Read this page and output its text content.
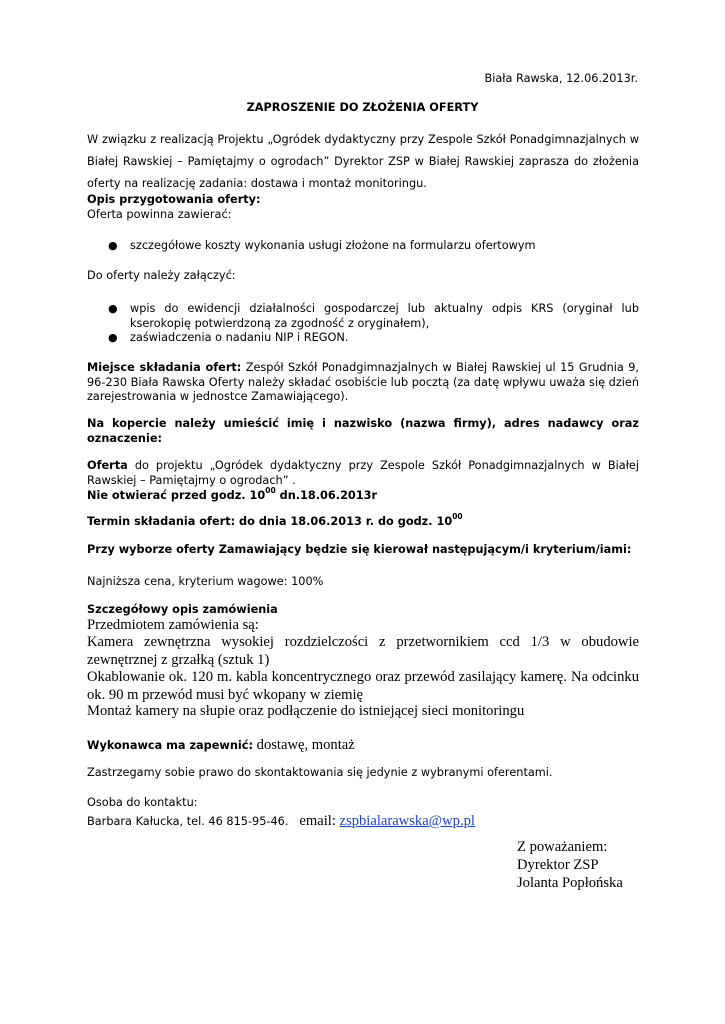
Biała Rawska, 12.06.2013r.
ZAPROSZENIE DO ZŁOŻENIA OFERTY
W związku z realizacją Projektu „Ogródek dydaktyczny przy Zespole Szkół Ponadgimnazjalnych w Białej Rawskiej – Pamiętajmy o ogrodach” Dyrektor ZSP w Białej Rawskiej zaprasza do złożenia oferty na realizację zadania: dostawa i montaż monitoringu.
Opis przygotowania oferty:
Oferta powinna zawierać:
● szczegółowe koszty wykonania usługi złożone na formularzu ofertowym
Do oferty należy załączyć:
● wpis do ewidencji działalności gospodarczej lub aktualny odpis KRS (oryginał lub kserokopię potwierdzoną za zgodność z oryginałem),
● zaświadczenia o nadaniu NIP i REGON.
Miejsce składania ofert: Zespół Szkół Ponadgimnazjalnych w Białej Rawskiej ul 15 Grudnia 9, 96-230 Biała Rawska Oferty należy składać osobiście lub pocztą (za datę wpływu uważa się dzień zarejestrowania w jednostce Zamawiającego).
Na kopercie należy umieścić imię i nazwisko (nazwa firmy), adres nadawcy oraz oznaczenie:
Oferta do projektu „Ogródek dydaktyczny przy Zespole Szkół Ponadgimnazjalnych w Białej Rawskiej – Pamiętajmy o ogrodach” .
Nie otwierać przed godz. $10^{00}$ dn.18.06.2013r
Termin składania ofert: do dnia 18.06.2013 r. do godz. $10^{00}$
Przy wyborze oferty Zamawiający będzie się kierował następującym/i kryterium/iami:
Najniższa cena, kryterium wagowe: 100%
Szczegółowy opis zamówienia
Przedmiotem zamówienia są:
Kamera zewnętrzna wysokiej rozdzielczości z przetwornikiem ccd 1/3 w obudowie zewnętrznej z grzałką (sztuk 1)
Okablowanie ok. 120 m. kabla koncentrycznego oraz przewód zasilający kamerę. Na odcinku ok. 90 m przewód musi być wkopany w ziemię
Montaż kamery na słupie oraz podłączenie do istniejącej sieci monitoringu
Wykonawca ma zapewnić: dostawę, montaż
Zastrzegamy sobie prawo do skontaktowania się jedynie z wybranymi oferentami.
Osoba do kontaktu:
Barbara Kałucka, tel. 46 815-95-46.   email: zspbialarawska@wp.pl
Z poważaniem:
Dyrektor ZSP
Jolanta Popłońska
